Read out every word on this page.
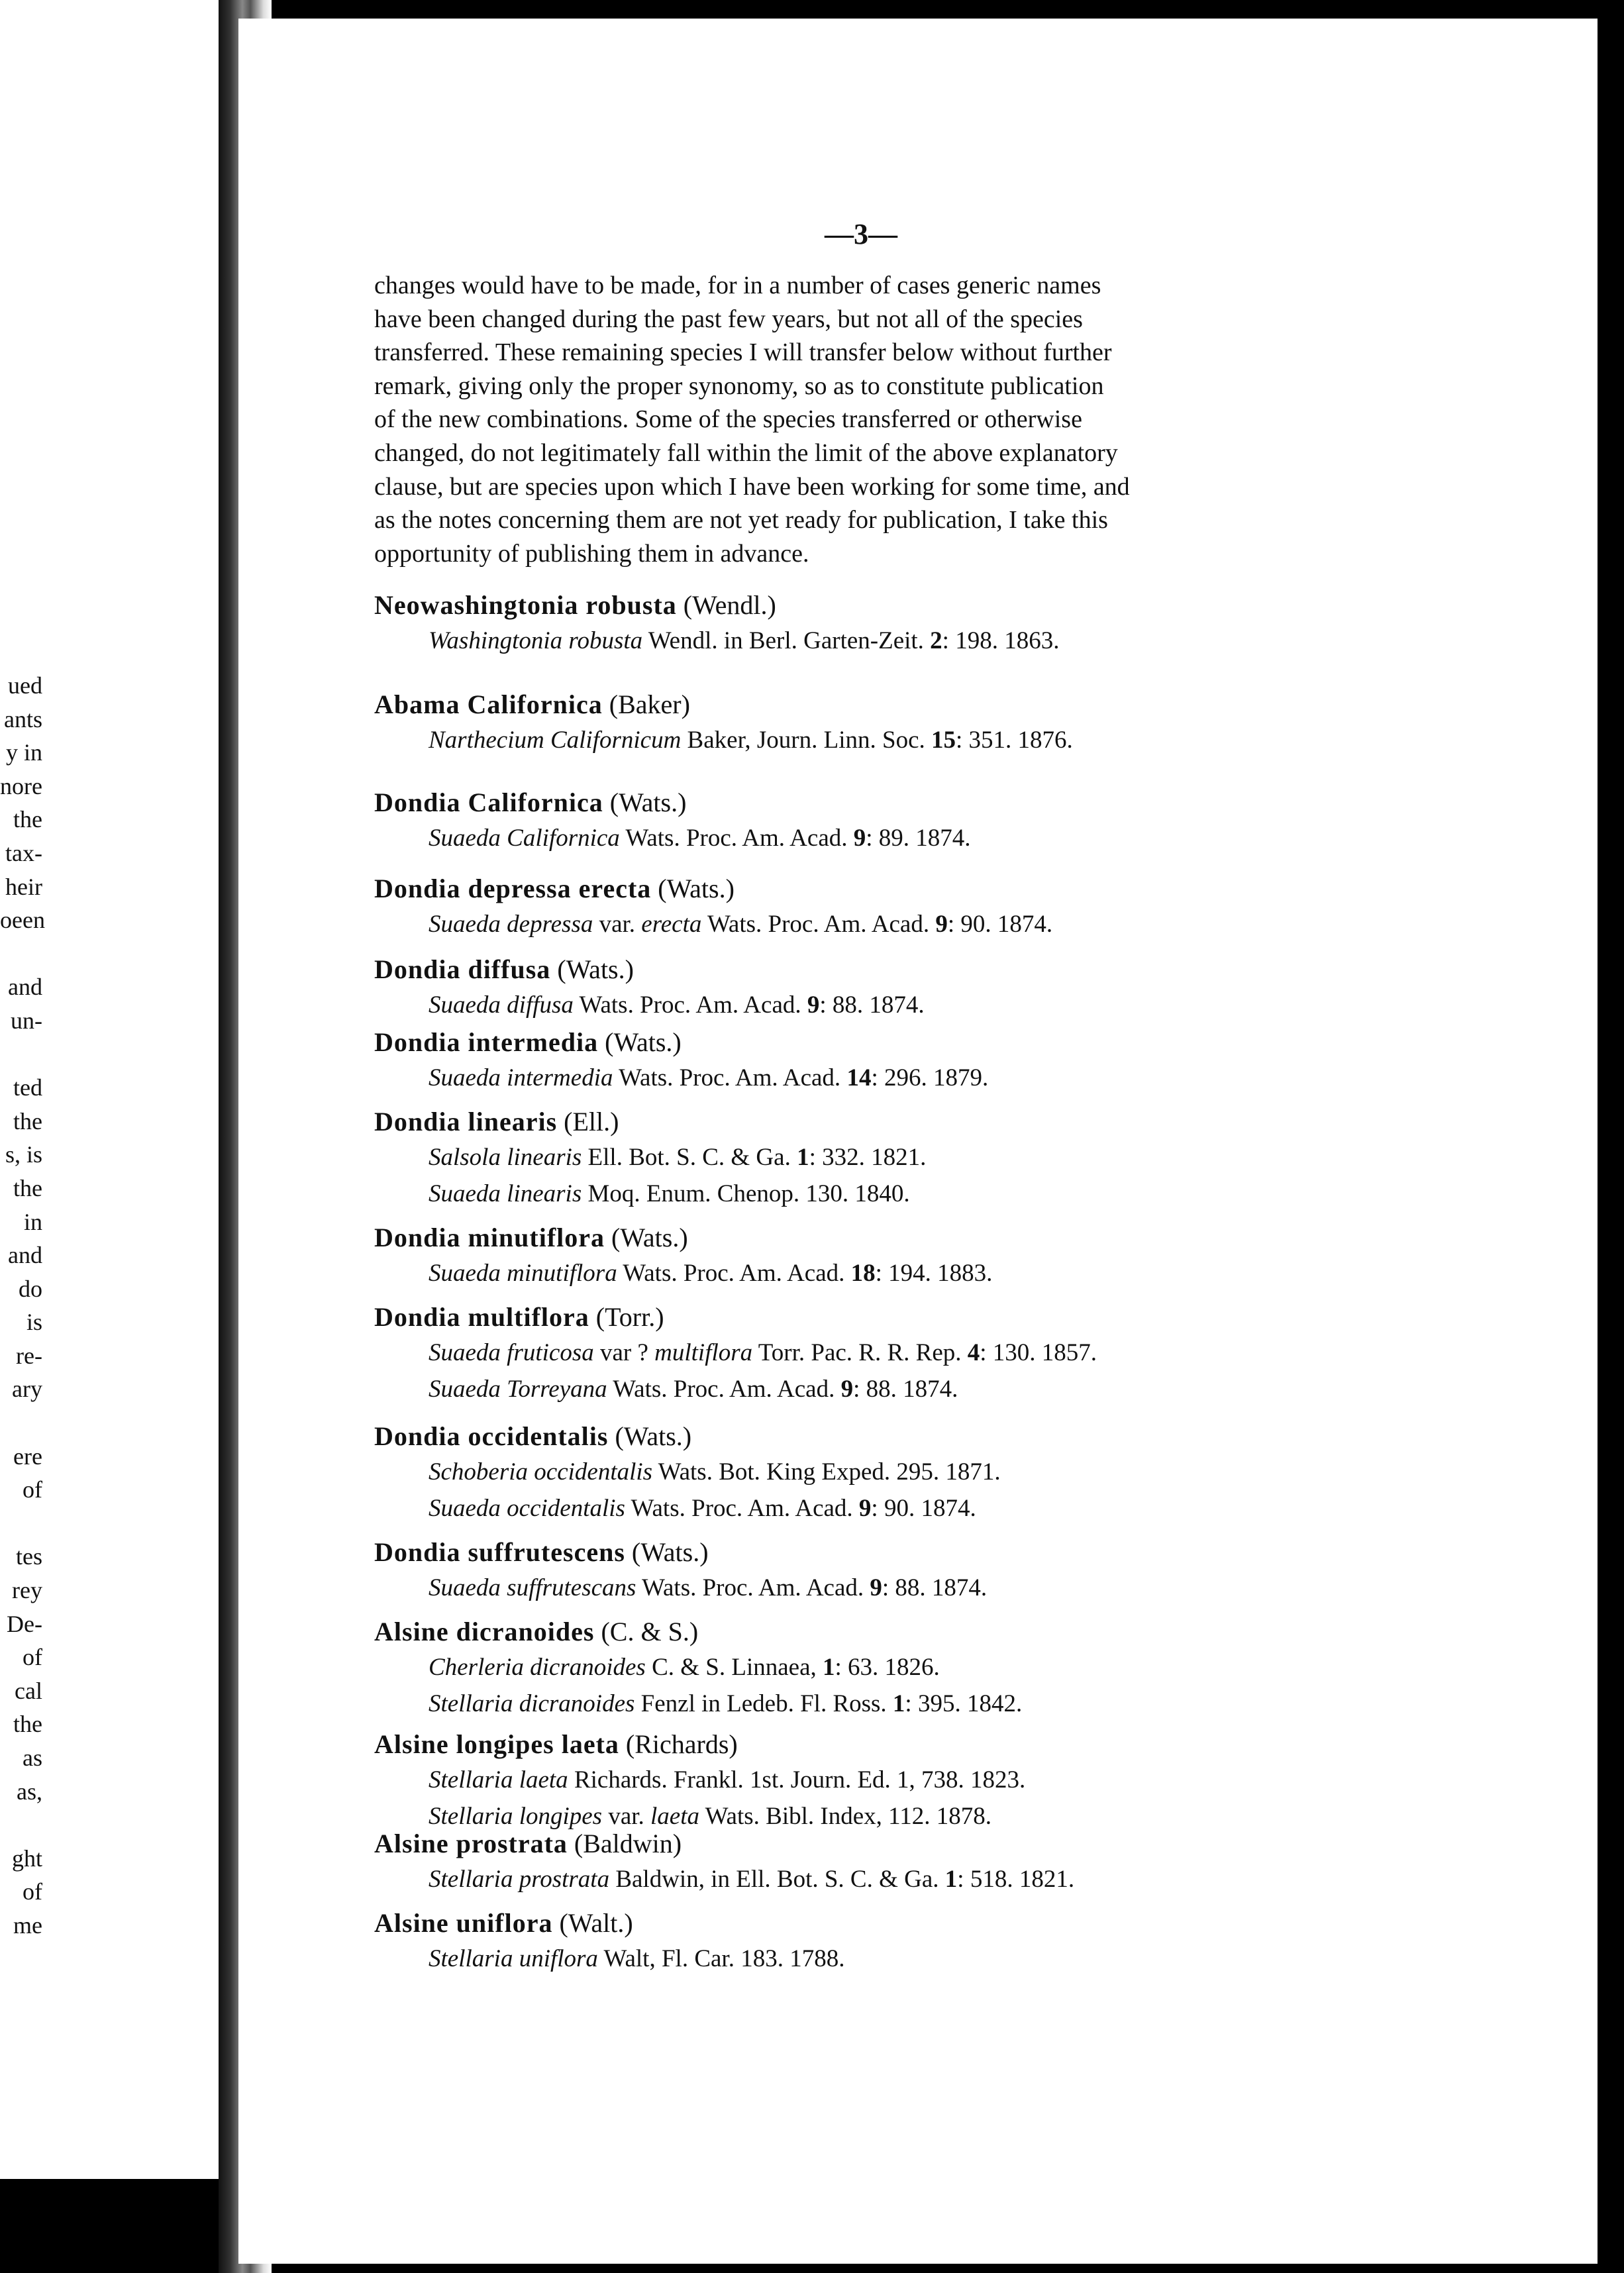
ued
ants
y in
nore
the
tax-
heir
oeen
and
un-
ted
the
s, is
the
in
and
do
is
re-
ary
ere
of
tes
rey
De-
of
cal
the
as
as,
ght
of
me
—3—
changes would have to be made, for in a number of cases generic names
have been changed during the past few years, but not all of the species
transferred. These remaining species I will transfer below without further
remark, giving only the proper synonomy, so as to constitute publication
of the new combinations. Some of the species transferred or otherwise
changed, do not legitimately fall within the limit of the above explanatory
clause, but are species upon which I have been working for some time, and
as the notes concerning them are not yet ready for publication, I take this
opportunity of publishing them in advance.
Neowashingtonia robusta (Wendl.)
Washingtonia robusta Wendl. in Berl. Garten-Zeit. 2: 198. 1863.
Abama Californica (Baker)
Narthecium Californicum Baker, Journ. Linn. Soc. 15: 351. 1876.
Dondia Californica (Wats.)
Suaeda Californica Wats. Proc. Am. Acad. 9: 89. 1874.
Dondia depressa erecta (Wats.)
Suaeda depressa var. erecta Wats. Proc. Am. Acad. 9: 90. 1874.
Dondia diffusa (Wats.)
Suaeda diffusa Wats. Proc. Am. Acad. 9: 88. 1874.
Dondia intermedia (Wats.)
Suaeda intermedia Wats. Proc. Am. Acad. 14: 296. 1879.
Dondia linearis (Ell.)
Salsola linearis Ell. Bot. S. C. & Ga. 1: 332. 1821.
Suaeda linearis Moq. Enum. Chenop. 130. 1840.
Dondia minutiflora (Wats.)
Suaeda minutiflora Wats. Proc. Am. Acad. 18: 194. 1883.
Dondia multiflora (Torr.)
Suaeda fruticosa var ? multiflora Torr. Pac. R. R. Rep. 4: 130. 1857.
Suaeda Torreyana Wats. Proc. Am. Acad. 9: 88. 1874.
Dondia occidentalis (Wats.)
Schoberia occidentalis Wats. Bot. King Exped. 295. 1871.
Suaeda occidentalis Wats. Proc. Am. Acad. 9: 90. 1874.
Dondia suffrutescens (Wats.)
Suaeda suffrutescans Wats. Proc. Am. Acad. 9: 88. 1874.
Alsine dicranoides (C. & S.)
Cherleria dicranoides C. & S. Linnaea, 1: 63. 1826.
Stellaria dicranoides Fenzl in Ledeb. Fl. Ross. 1: 395. 1842.
Alsine longipes laeta (Richards)
Stellaria laeta Richards. Frankl. 1st. Journ. Ed. 1, 738. 1823.
Stellaria longipes var. laeta Wats. Bibl. Index, 112. 1878.
Alsine prostrata (Baldwin)
Stellaria prostrata Baldwin, in Ell. Bot. S. C. & Ga. 1: 518. 1821.
Alsine uniflora (Walt.)
Stellaria uniflora Walt, Fl. Car. 183. 1788.
